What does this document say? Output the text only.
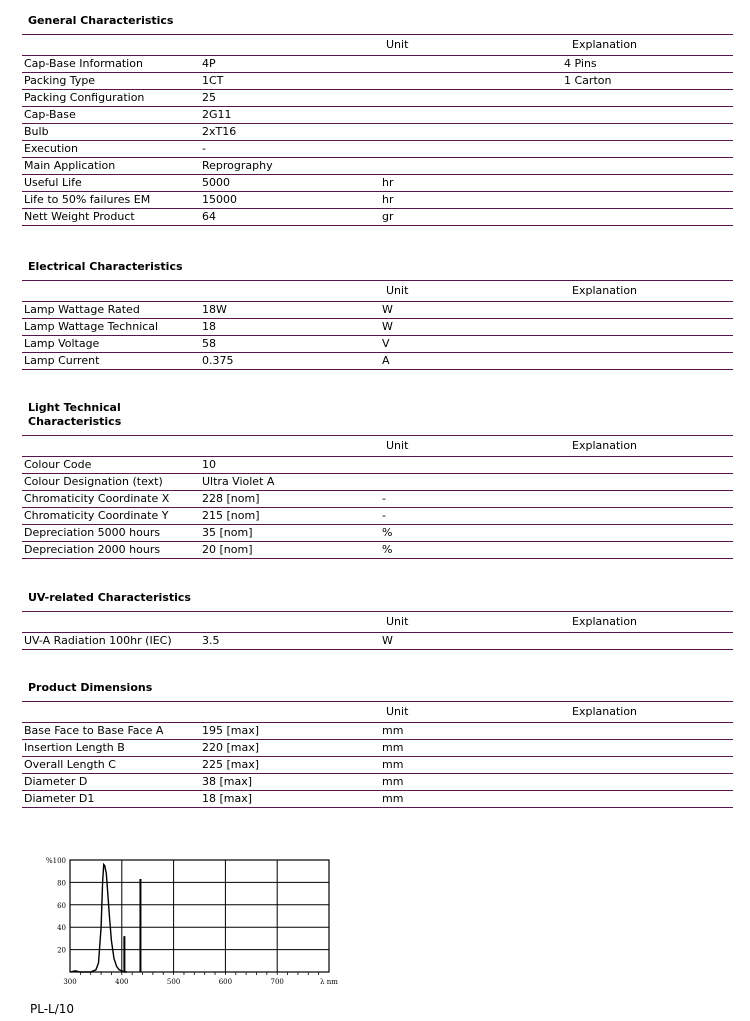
General Characteristics
		Unit	Explanation
Cap-Base Information	4P		4 Pins
Packing Type	1CT		1 Carton
Packing Configuration	25		
Cap-Base	2G11		
Bulb	2xT16		
Execution	-		
Main Application	Reprography		
Useful Life	5000	hr	
Life to 50% failures EM	15000	hr	
Nett Weight Product	64	gr	
Electrical Characteristics
		Unit	Explanation
Lamp Wattage Rated	18W	W	
Lamp Wattage Technical	18	W	
Lamp Voltage	58	V	
Lamp Current	0.375	A	
Light Technical
Characteristics
		Unit	Explanation
Colour Code	10		
Colour Designation (text)	Ultra Violet A		
Chromaticity Coordinate X	228 [nom]	-	
Chromaticity Coordinate Y	215 [nom]	-	
Depreciation 5000 hours	35 [nom]	%	
Depreciation 2000 hours	20 [nom]	%	
UV-related Characteristics
		Unit	Explanation
UV-A Radiation 100hr (IEC)	3.5	W	
Product Dimensions
		Unit	Explanation
Base Face to Base Face A	195 [max]	mm	
Insertion Length B	220 [max]	mm	
Overall Length C	225 [max]	mm	
Diameter D	38 [max]	mm	
Diameter D1	18 [max]	mm	
300	400	500	600	700	λ nm
20
40
60
80
100
%
PL-L/10
